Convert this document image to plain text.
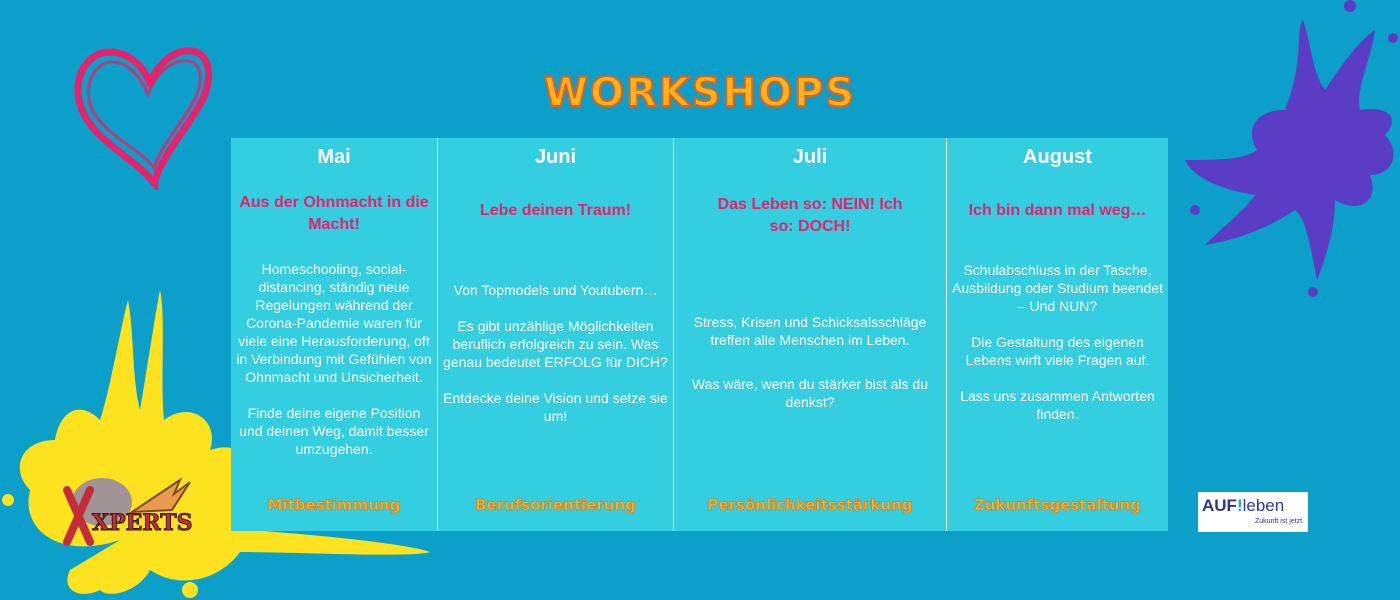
WORKSHOPS
Mai
Aus der Ohnmacht in die Macht!

Homeschooling, social-distancing, ständig neue Regelungen während der Corona-Pandemie waren für viele eine Herausforderung, oft in Verbindung mit Gefühlen von Ohnmacht und Unsicherheit.

Finde deine eigene Position und deinen Weg, damit besser umzugehen.

Mitbestimmung
Juni
Lebe deinen Traum!

Von Topmodels und Youtubern…

Es gibt unzählige Möglichkeiten beruflich erfolgreich zu sein. Was genau bedeutet ERFOLG für DICH?

Entdecke deine Vision und setze sie um!

Berufsorientierung
Juli
Das Leben so: NEIN! Ich so: DOCH!

Stress, Krisen und Schicksalsschläge treffen alle Menschen im Leben.

Was wäre, wenn du stärker bist als du denkst?

Persönlichkeitsstärkung
August
Ich bin dann mal weg…

Schulabschluss in der Tasche, Ausbildung oder Studium beendet – Und NUN?

Die Gestaltung des eigenen Lebens wirft viele Fragen auf.

Lass uns zusammen Antworten finden.

Zukunftsgestaltung
XPERTS
AUF!leben
Zukunft ist jetzt.
